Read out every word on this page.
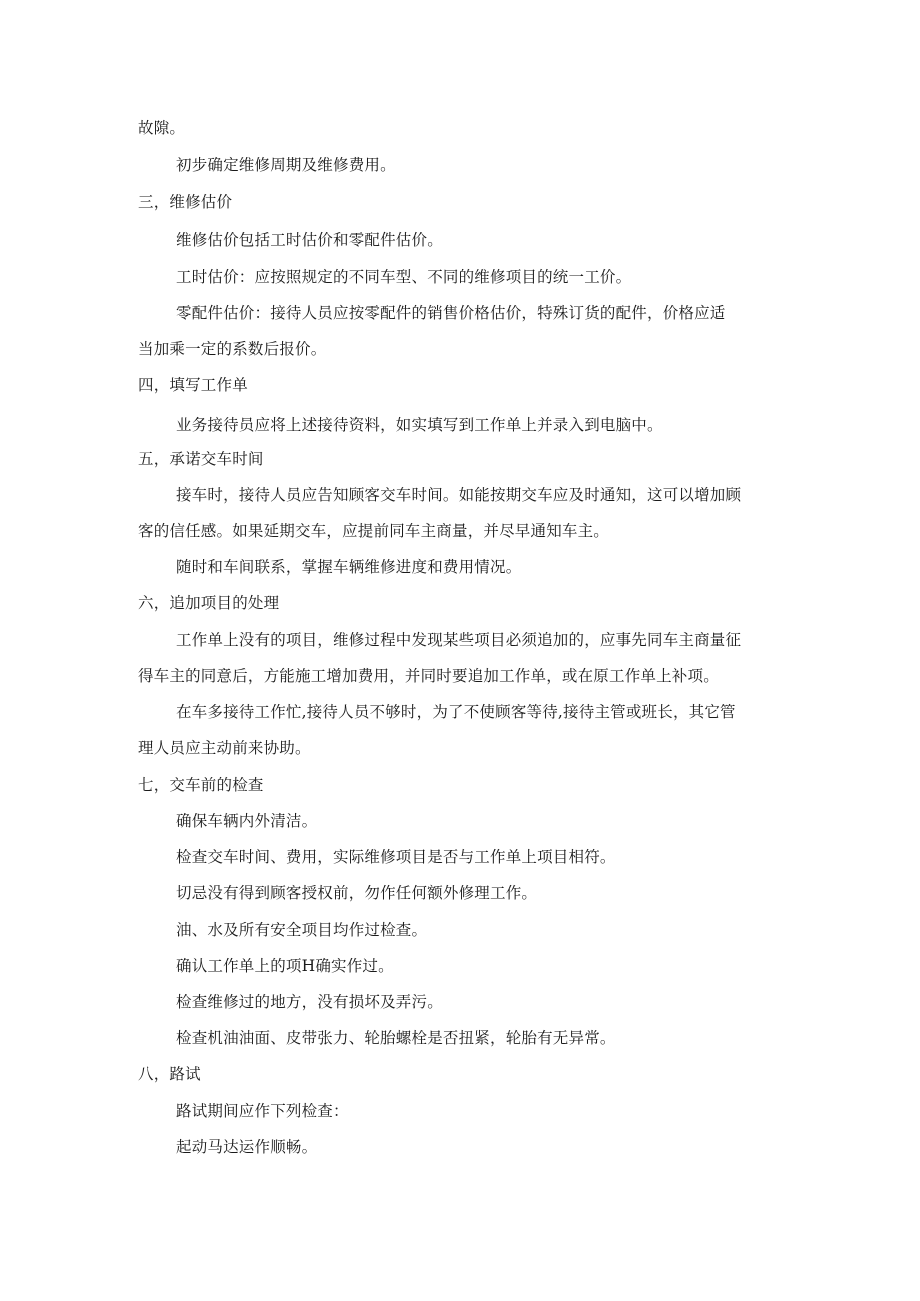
故隙。
初步确定维修周期及维修费用。
三，维修估价
维修估价包括工时估价和零配件估价。
工时估价：应按照规定的不同车型、不同的维修项目的统一工价。
零配件估价：接待人员应按零配件的销售价格估价，特殊订货的配件，价格应适
当加乘一定的系数后报价。
四，填写工作单
业务接待员应将上述接待资料，如实填写到工作单上并录入到电脑中。
五，承诺交车时间
接车时，接待人员应告知顾客交车时间。如能按期交车应及时通知，这可以增加顾
客的信任感。如果延期交车，应提前同车主商量，并尽早通知车主。
随时和车间联系，掌握车辆维修进度和费用情况。
六，追加项目的处理
工作单上没有的项目，维修过程中发现某些项目必须追加的，应事先同车主商量征
得车主的同意后，方能施工增加费用，并同时要追加工作单，或在原工作单上补项。
在车多接待工作忙,接待人员不够时，为了不使顾客等待,接待主管或班长，其它管
理人员应主动前来协助。
七，交车前的检查
确保车辆内外清洁。
检查交车时间、费用，实际维修项目是否与工作单上项目相符。
切忌没有得到顾客授权前，勿作任何额外修理工作。
油、水及所有安全项目均作过检查。
确认工作单上的项H确实作过。
检查维修过的地方，没有损坏及弄污。
检查机油油面、皮带张力、轮胎螺栓是否扭紧，轮胎有无异常。
八，路试
路试期间应作下列检查：
起动马达运作顺畅。
